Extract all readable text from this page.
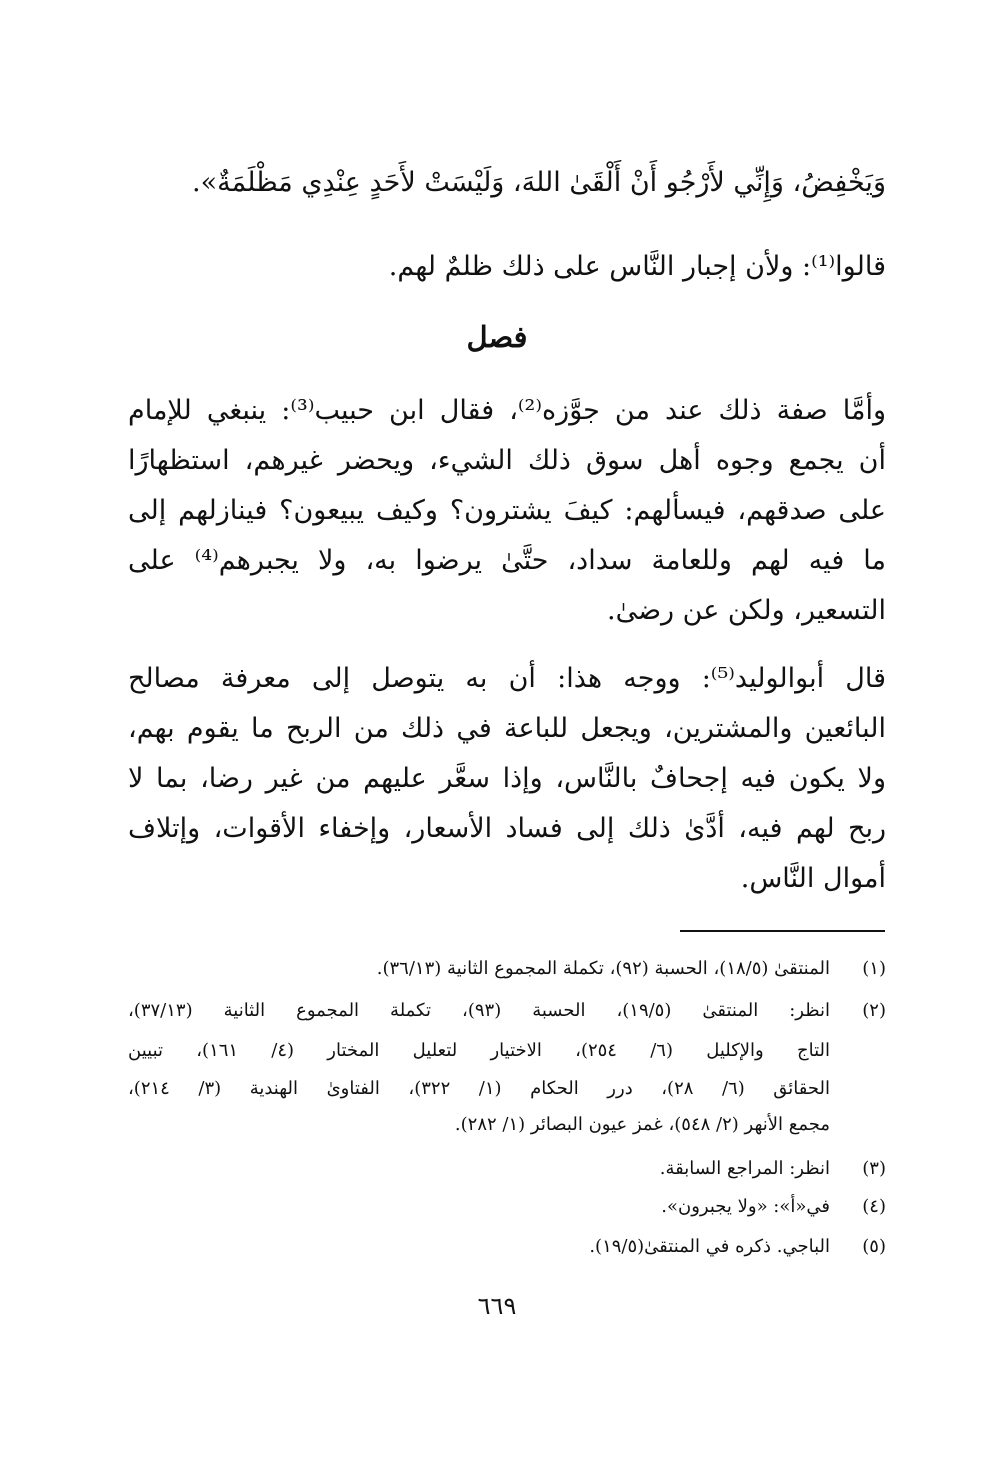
وَيَخْفِضُ، وَإِنِّي لأَرْجُو أَنْ أَلْقَىٰ اللهَ، وَلَيْسَتْ لأَحَدٍ عِنْدِي مَظْلَمَةٌ».
قالوا⁽¹⁾: ولأن إجبار النَّاس على ذلك ظلمٌ لهم.
فصل
وأمَّا صفة ذلك عند من جوَّزه⁽²⁾، فقال ابن حبيب⁽³⁾: ينبغي للإمام
أن يجمع وجوه أهل سوق ذلك الشيء، ويحضر غيرهم، استظهارًا
على صدقهم، فيسألهم: كيفَ يشترون؟ وكيف يبيعون؟ فينازلهم إلى
ما فيه لهم وللعامة سداد، حتَّىٰ يرضوا به، ولا يجبرهم⁽⁴⁾ على
التسعير، ولكن عن رضىٰ.
قال أبوالوليد⁽⁵⁾: ووجه هذا: أن به يتوصل إلى معرفة مصالح
البائعين والمشترين، ويجعل للباعة في ذلك من الربح ما يقوم بهم،
ولا يكون فيه إجحافٌ بالنَّاس، وإذا سعَّر عليهم من غير رضا، بما لا
ربح لهم فيه، أدَّىٰ ذلك إلى فساد الأسعار، وإخفاء الأقوات، وإتلاف
أموال النَّاس.
(١)
المنتقىٰ (١٨/٥)، الحسبة (٩٢)، تكملة المجموع الثانية (٣٦/١٣).
(٢)
انظر: المنتقىٰ (١٩/٥)، الحسبة (٩٣)، تكملة المجموع الثانية (٣٧/١٣)،
التاج والإكليل (٦/ ٢٥٤)، الاختيار لتعليل المختار (٤/ ١٦١)، تبيين
الحقائق (٦/ ٢٨)، درر الحكام (١/ ٣٢٢)، الفتاوىٰ الهندية (٣/ ٢١٤)،
مجمع الأنهر (٢/ ٥٤٨)، غمز عيون البصائر (١/ ٢٨٢).
(٣)
انظر: المراجع السابقة.
(٤)
في«أ»: «ولا يجبرون».
(٥)
الباجي. ذكره في المنتقىٰ(١٩/٥).
٦٦٩
